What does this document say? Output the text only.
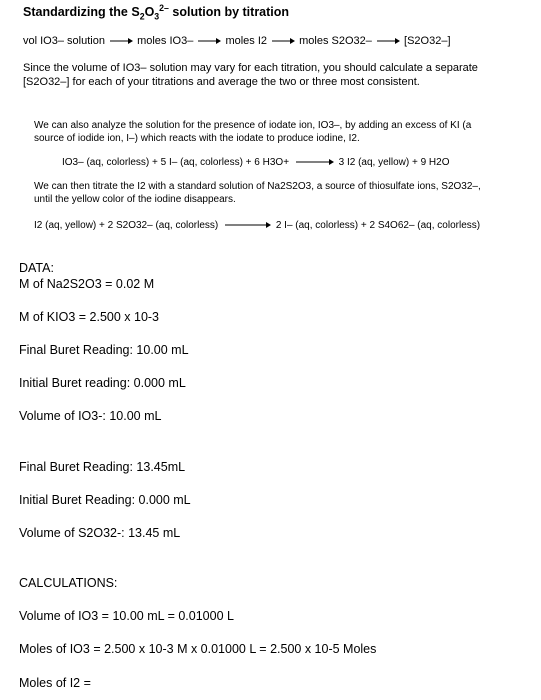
Standardizing the $S_2O_3^{2-}$ solution by titration
vol IO3– solution	moles IO3–	moles I2	moles S2O32–	[S2O32–]
Since the volume of IO3– solution may vary for each titration, you should calculate a separate
[S2O32–] for each of your titrations and average the two or three most consistent.
We can also analyze the solution for the presence of iodate ion, IO3–, by adding an excess of KI (a
source of iodide ion, I–) which reacts with the iodate to produce iodine, I2.
IO3– (aq, colorless) + 5 I– (aq, colorless) + 6 H3O+	3 I2 (aq, yellow) + 9 H2O
We can then titrate the I2 with a standard solution of Na2S2O3, a source of thiosulfate ions, S2O32–,
until the yellow color of the iodine disappears.
I2 (aq, yellow) + 2 S2O32– (aq, colorless)	2 I– (aq, colorless) + 2 S4O62– (aq, colorless)
DATA:
M of Na2S2O3 = 0.02 M
M of KIO3 = 2.500 x 10-3
Final Buret Reading: 10.00 mL
Initial Buret reading: 0.000 mL
Volume of IO3-: 10.00 mL
Final Buret Reading: 13.45mL
Initial Buret Reading: 0.000 mL
Volume of S2O32-: 13.45 mL
CALCULATIONS:
Volume of IO3 = 10.00 mL = 0.01000 L
Moles of IO3 = 2.500 x 10-3 M x 0.01000 L = 2.500 x 10-5 Moles
Moles of I2 =
